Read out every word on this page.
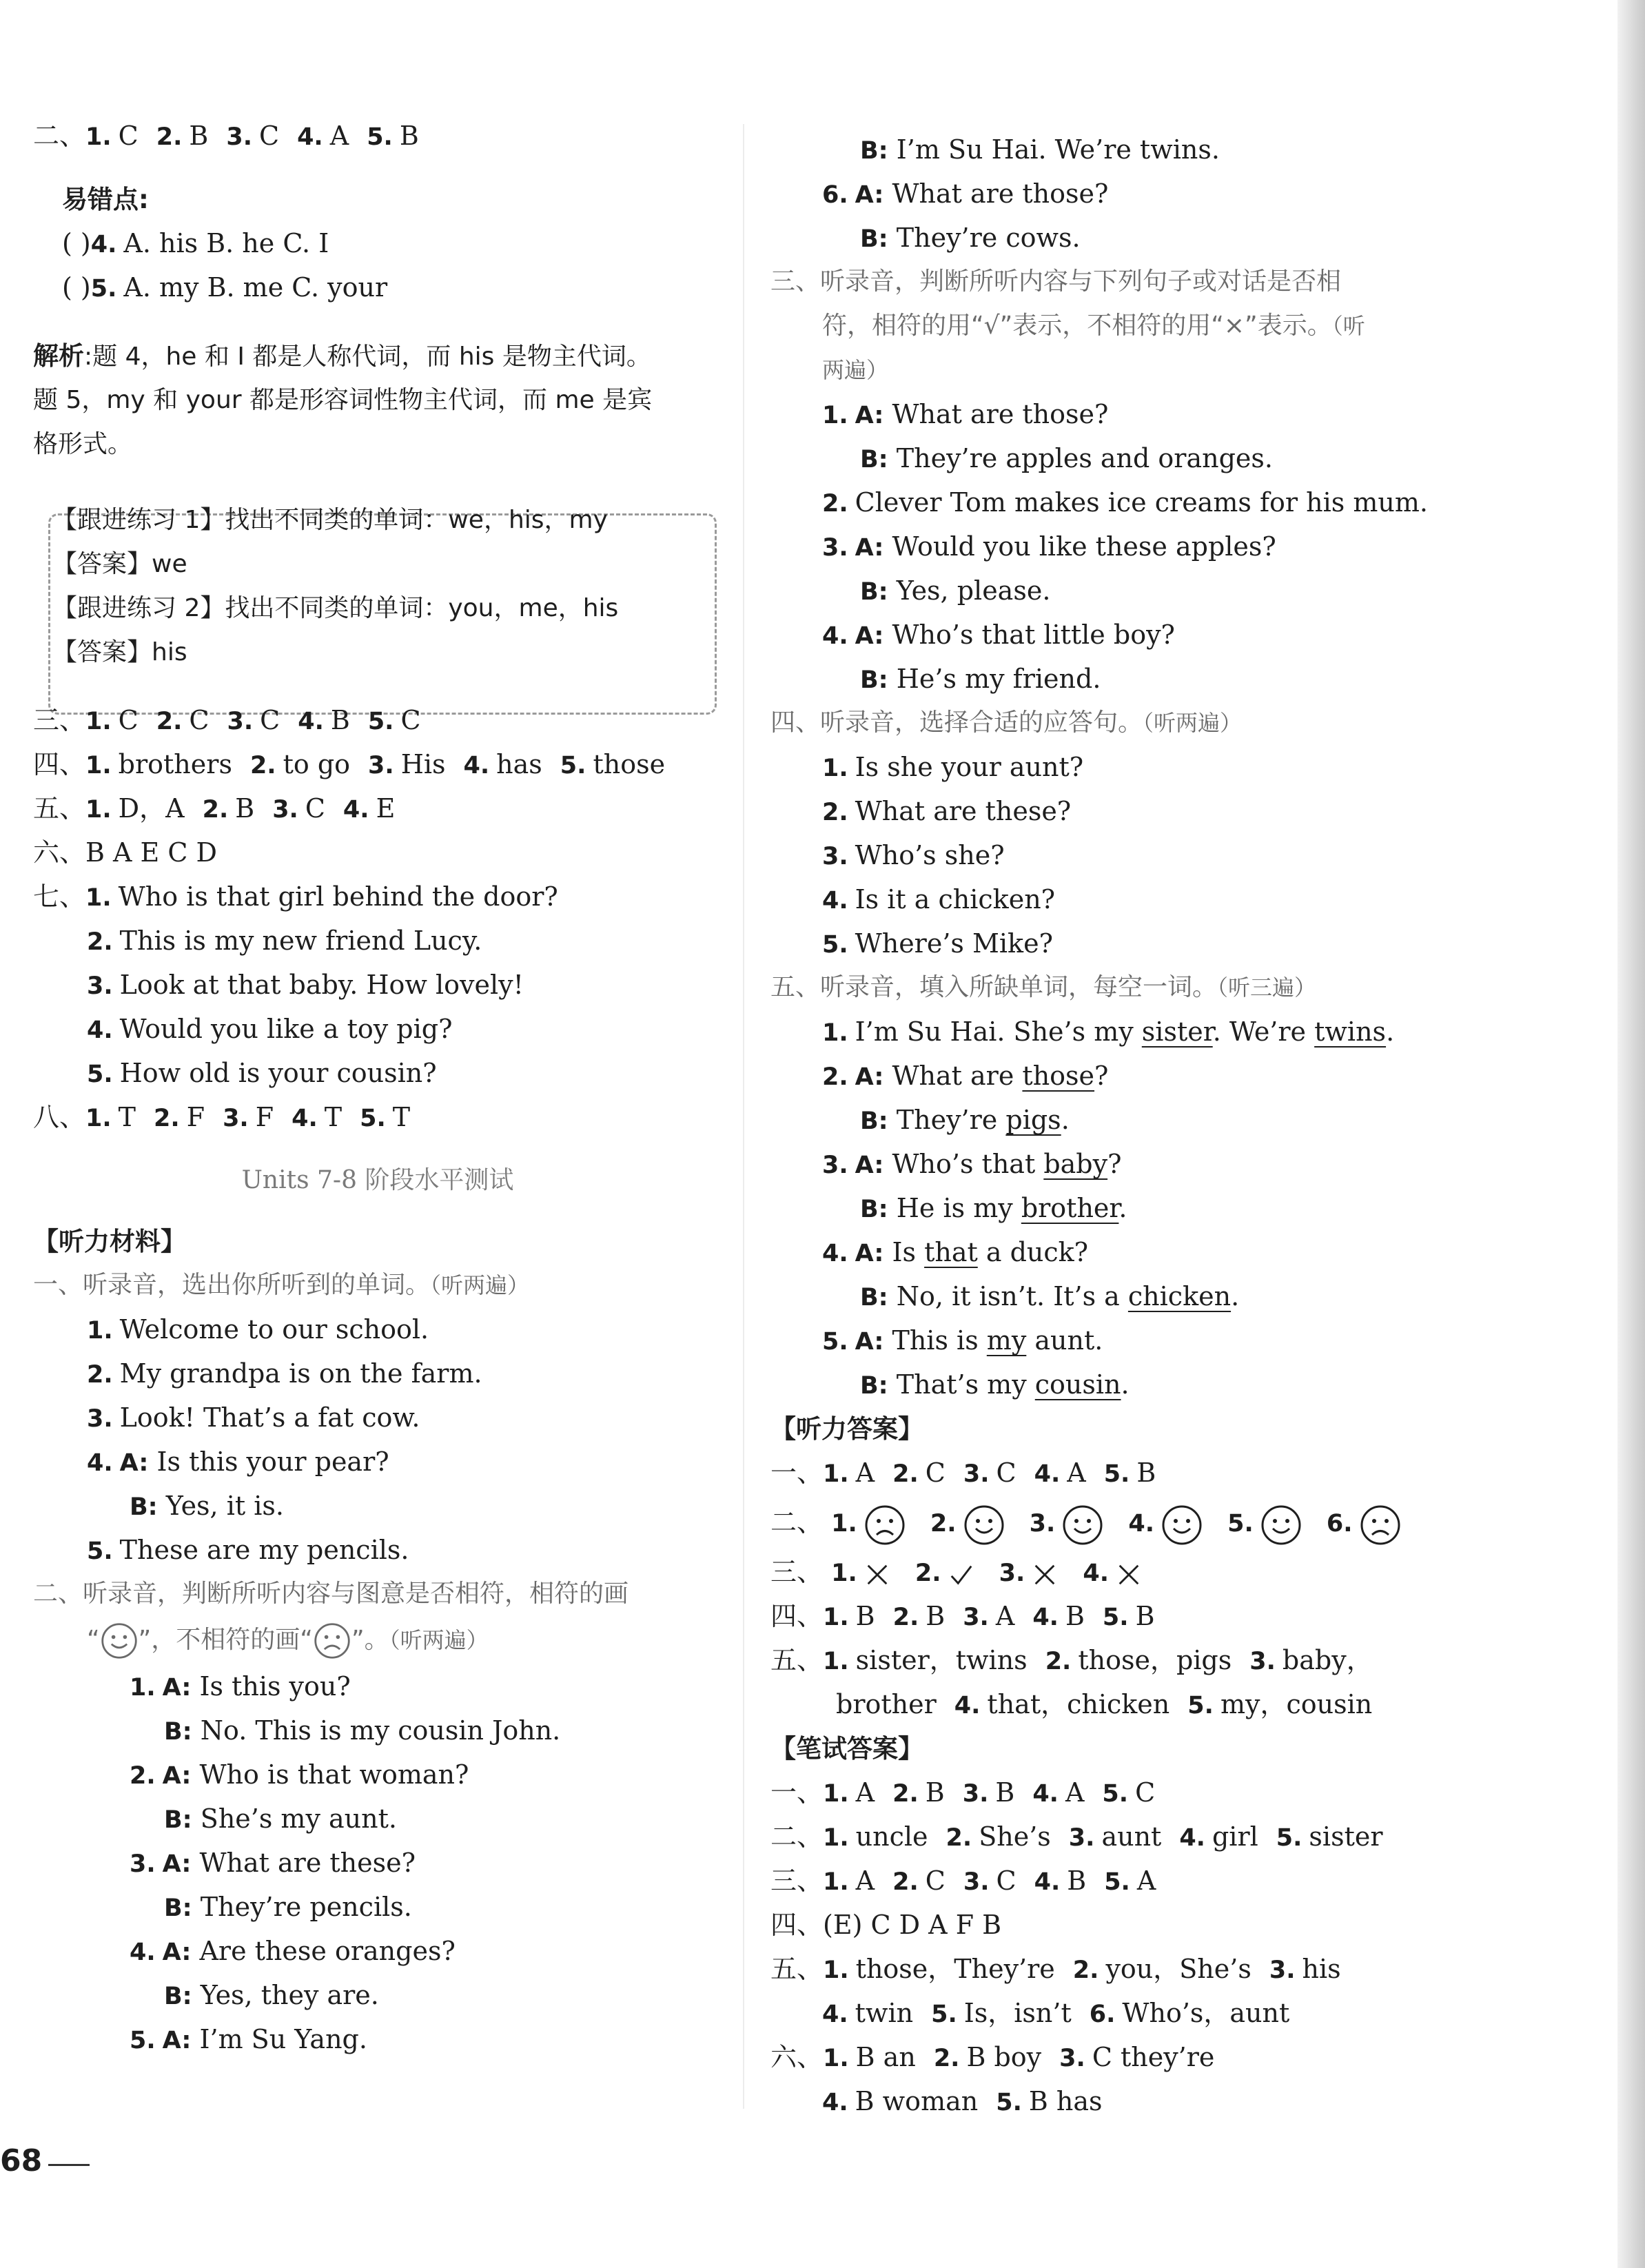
二、1. C 2. B 3. C 4. A 5. B
易错点:
( )4. A. his B. he C. I
( )5. A. my B. me C. your
解析:题 4，he 和 I 都是人称代词，而 his 是物主代词。
题 5，my 和 your 都是形容词性物主代词，而 me 是宾
格形式。
【跟进练习 1】找出不同类的单词：we，his，my
【答案】we
【跟进练习 2】找出不同类的单词：you，me，his
【答案】his
三、1. C 2. C 3. C 4. B 5. C
四、1. brothers 2. to go 3. His 4. has 5. those
五、1. D，A 2. B 3. C 4. E
六、B A E C D
七、1. Who is that girl behind the door?
2. This is my new friend Lucy.
3. Look at that baby. How lovely!
4. Would you like a toy pig?
5. How old is your cousin?
八、1. T 2. F 3. F 4. T 5. T
Units 7-8 阶段水平测试
【听力材料】
一、听录音，选出你所听到的单词。（听两遍）
1. Welcome to our school.
2. My grandpa is on the farm.
3. Look! That’s a fat cow.
4. A: Is this your pear?
B: Yes, it is.
5. These are my pencils.
二、听录音，判断所听内容与图意是否相符，相符的画
“ ”，不相符的画“ ”。（听两遍）
1. A: Is this you?
B: No. This is my cousin John.
2. A: Who is that woman?
B: She’s my aunt.
3. A: What are these?
B: They’re pencils.
4. A: Are these oranges?
B: Yes, they are.
5. A: I’m Su Yang.
B: I’m Su Hai. We’re twins.
6. A: What are those?
B: They’re cows.
三、听录音，判断所听内容与下列句子或对话是否相
符，相符的用“√”表示，不相符的用“×”表示。（听
两遍）
1. A: What are those?
B: They’re apples and oranges.
2. Clever Tom makes ice creams for his mum.
3. A: Would you like these apples?
B: Yes, please.
4. A: Who’s that little boy?
B: He’s my friend.
四、听录音，选择合适的应答句。（听两遍）
1. Is she your aunt?
2. What are these?
3. Who’s she?
4. Is it a chicken?
5. Where’s Mike?
五、听录音，填入所缺单词，每空一词。（听三遍）
1. I’m Su Hai. She’s my sister. We’re twins.
2. A: What are those?
B: They’re pigs.
3. A: Who’s that baby?
B: He is my brother.
4. A: Is that a duck?
B: No, it isn’t. It’s a chicken.
5. A: This is my aunt.
B: That’s my cousin.
【听力答案】
一、1. A 2. C 3. C 4. A 5. B
二、 1.	2.	3.	4.	5.	6.
三、 1. 2. 3. 4.
四、1. B 2. B 3. A 4. B 5. B
五、1. sister，twins 2. those，pigs 3. baby，
brother 4. that，chicken 5. my，cousin
【笔试答案】
一、1. A 2. B 3. B 4. A 5. C
二、1. uncle 2. She’s 3. aunt 4. girl 5. sister
三、1. A 2. C 3. C 4. B 5. A
四、(E) C D A F B
五、1. those，They’re 2. you，She’s 3. his
4. twin 5. Is，isn’t 6. Who’s，aunt
六、1. B an 2. B boy 3. C they’re
4. B woman 5. B has
68
